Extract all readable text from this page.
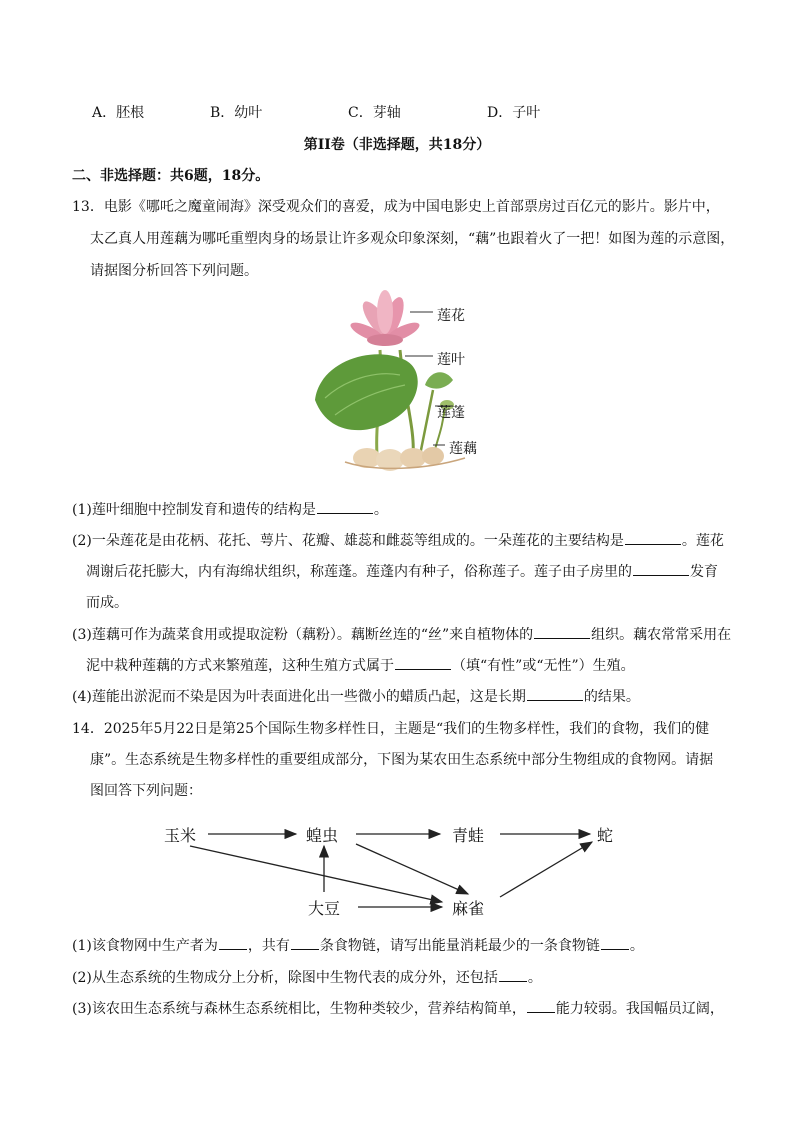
A．胚根	B．幼叶	C．芽轴	D．子叶
第II卷（非选择题，共18分）
二、非选择题：共6题，18分。
13．电影《哪吒之魔童闹海》深受观众们的喜爱，成为中国电影史上首部票房过百亿元的影片。影片中，
太乙真人用莲藕为哪吒重塑肉身的场景让许多观众印象深刻，“藕”也跟着火了一把！如图为莲的示意图，
请据图分析回答下列问题。
莲花
莲叶
莲蓬
莲藕
(1)莲叶细胞中控制发育和遗传的结构是	。
(2)一朵莲花是由花柄、花托、萼片、花瓣、雄蕊和雌蕊等组成的。一朵莲花的主要结构是	。莲花
凋谢后花托膨大，内有海绵状组织，称莲蓬。莲蓬内有种子，俗称莲子。莲子由子房里的	发育
而成。
(3)莲藕可作为蔬菜食用或提取淀粉（藕粉）。藕断丝连的“丝”来自植物体的	组织。藕农常常采用在
泥中栽种莲藕的方式来繁殖莲，这种生殖方式属于	（填“有性”或“无性”）生殖。
(4)莲能出淤泥而不染是因为叶表面进化出一些微小的蜡质凸起，这是长期	的结果。
14．2025年5月22日是第25个国际生物多样性日，主题是“我们的生物多样性，我们的食物，我们的健
康”。生态系统是生物多样性的重要组成部分，下图为某农田生态系统中部分生物组成的食物网。请据
图回答下列问题：
玉米	蝗虫	青蛙	蛇
大豆	麻雀
(1)该食物网中生产者为 ，共有 条食物链，请写出能量消耗最少的一条食物链 。
(2)从生态系统的生物成分上分析，除图中生物代表的成分外，还包括 。
(3)该农田生态系统与森林生态系统相比，生物种类较少，营养结构简单， 能力较弱。我国幅员辽阔，
